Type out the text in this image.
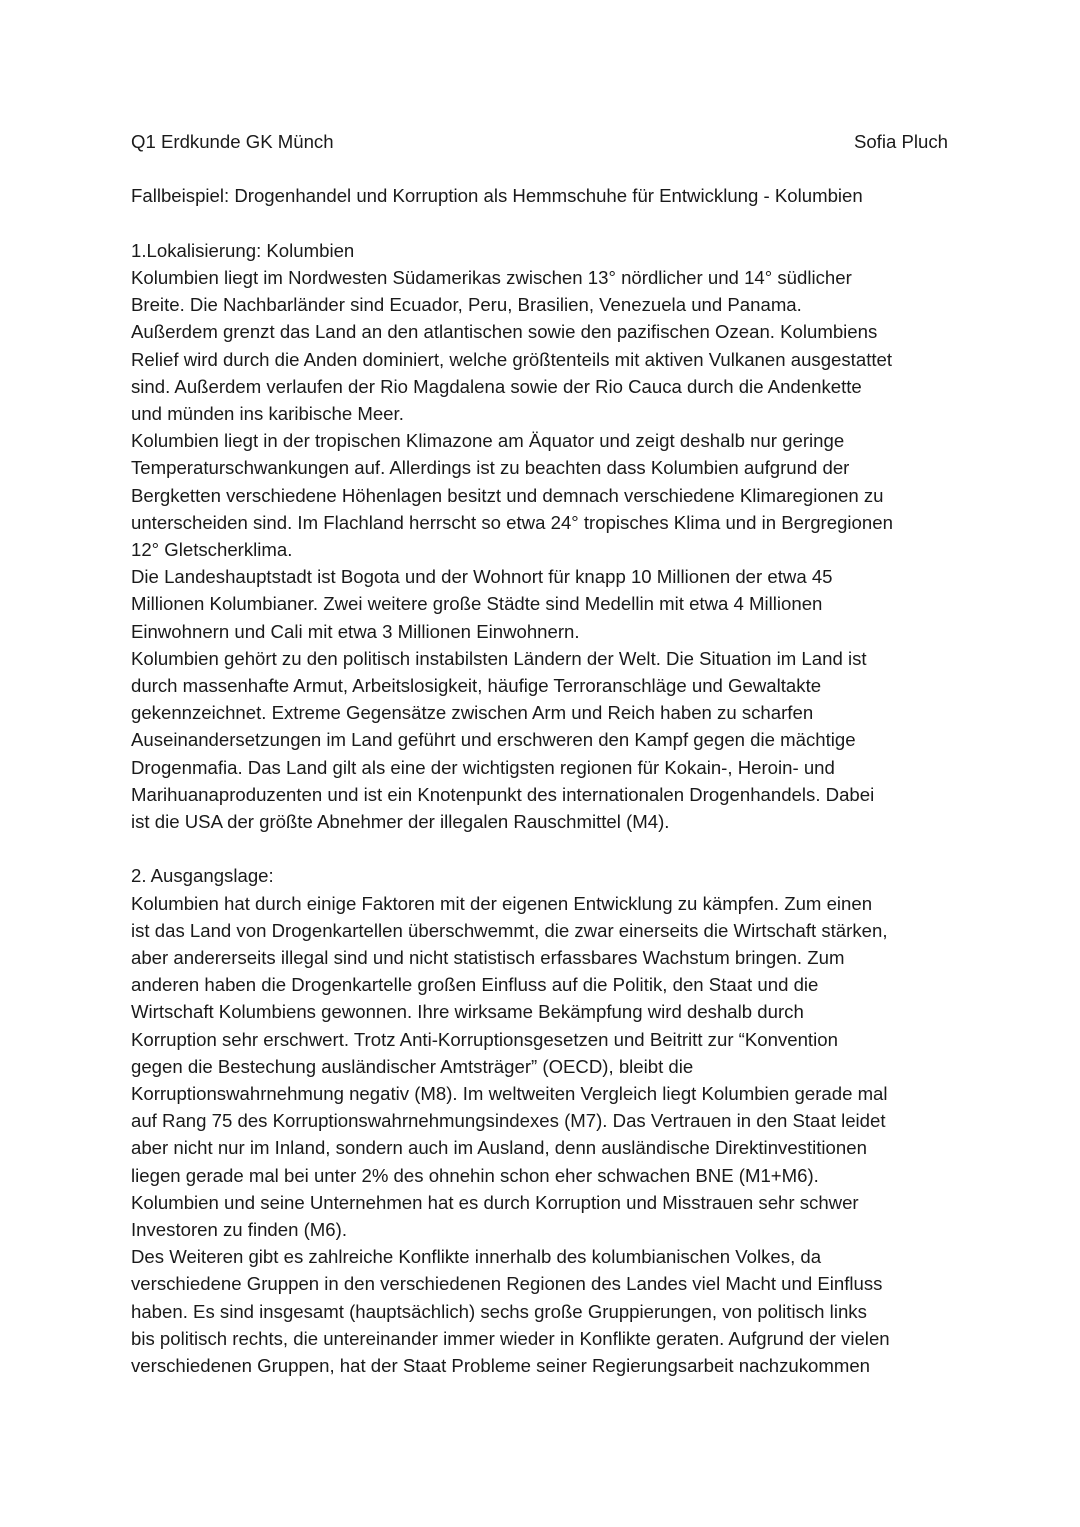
Q1 Erdkunde GK Münch	Sofia Pluch

Fallbeispiel: Drogenhandel und Korruption als Hemmschuhe für Entwicklung - Kolumbien

1.Lokalisierung: Kolumbien

Kolumbien liegt im Nordwesten Südamerikas zwischen 13° nördlicher und 14° südlicher

Breite. Die Nachbarländer sind Ecuador, Peru, Brasilien, Venezuela und Panama.

Außerdem grenzt das Land an den atlantischen sowie den pazifischen Ozean. Kolumbiens

Relief wird durch die Anden dominiert, welche größtenteils mit aktiven Vulkanen ausgestattet

sind. Außerdem verlaufen der Rio Magdalena sowie der Rio Cauca durch die Andenkette

und münden ins karibische Meer.

Kolumbien liegt in der tropischen Klimazone am Äquator und zeigt deshalb nur geringe

Temperaturschwankungen auf. Allerdings ist zu beachten dass Kolumbien aufgrund der

Bergketten verschiedene Höhenlagen besitzt und demnach verschiedene Klimaregionen zu

unterscheiden sind. Im Flachland herrscht so etwa 24° tropisches Klima und in Bergregionen

12° Gletscherklima.

Die Landeshauptstadt ist Bogota und der Wohnort für knapp 10 Millionen der etwa 45

Millionen Kolumbianer. Zwei weitere große Städte sind Medellin mit etwa 4 Millionen

Einwohnern und Cali mit etwa 3 Millionen Einwohnern.

Kolumbien gehört zu den politisch instabilsten Ländern der Welt. Die Situation im Land ist

durch massenhafte Armut, Arbeitslosigkeit, häufige Terroranschläge und Gewaltakte

gekennzeichnet. Extreme Gegensätze zwischen Arm und Reich haben zu scharfen

Auseinandersetzungen im Land geführt und erschweren den Kampf gegen die mächtige

Drogenmafia. Das Land gilt als eine der wichtigsten regionen für Kokain-, Heroin- und

Marihuanaproduzenten und ist ein Knotenpunkt des internationalen Drogenhandels. Dabei

ist die USA der größte Abnehmer der illegalen Rauschmittel (M4).

2. Ausgangslage:

Kolumbien hat durch einige Faktoren mit der eigenen Entwicklung zu kämpfen. Zum einen

ist das Land von Drogenkartellen überschwemmt, die zwar einerseits die Wirtschaft stärken,

aber andererseits illegal sind und nicht statistisch erfassbares Wachstum bringen. Zum

anderen haben die Drogenkartelle großen Einfluss auf die Politik, den Staat und die

Wirtschaft Kolumbiens gewonnen. Ihre wirksame Bekämpfung wird deshalb durch

Korruption sehr erschwert. Trotz Anti-Korruptionsgesetzen und Beitritt zur “Konvention

gegen die Bestechung ausländischer Amtsträger” (OECD), bleibt die

Korruptionswahrnehmung negativ (M8). Im weltweiten Vergleich liegt Kolumbien gerade mal

auf Rang 75 des Korruptionswahrnehmungsindexes (M7). Das Vertrauen in den Staat leidet

aber nicht nur im Inland, sondern auch im Ausland, denn ausländische Direktinvestitionen

liegen gerade mal bei unter 2% des ohnehin schon eher schwachen BNE (M1+M6).

Kolumbien und seine Unternehmen hat es durch Korruption und Misstrauen sehr schwer

Investoren zu finden (M6).

Des Weiteren gibt es zahlreiche Konflikte innerhalb des kolumbianischen Volkes, da

verschiedene Gruppen in den verschiedenen Regionen des Landes viel Macht und Einfluss

haben. Es sind insgesamt (hauptsächlich) sechs große Gruppierungen, von politisch links

bis politisch rechts, die untereinander immer wieder in Konflikte geraten. Aufgrund der vielen

verschiedenen Gruppen, hat der Staat Probleme seiner Regierungsarbeit nachzukommen
